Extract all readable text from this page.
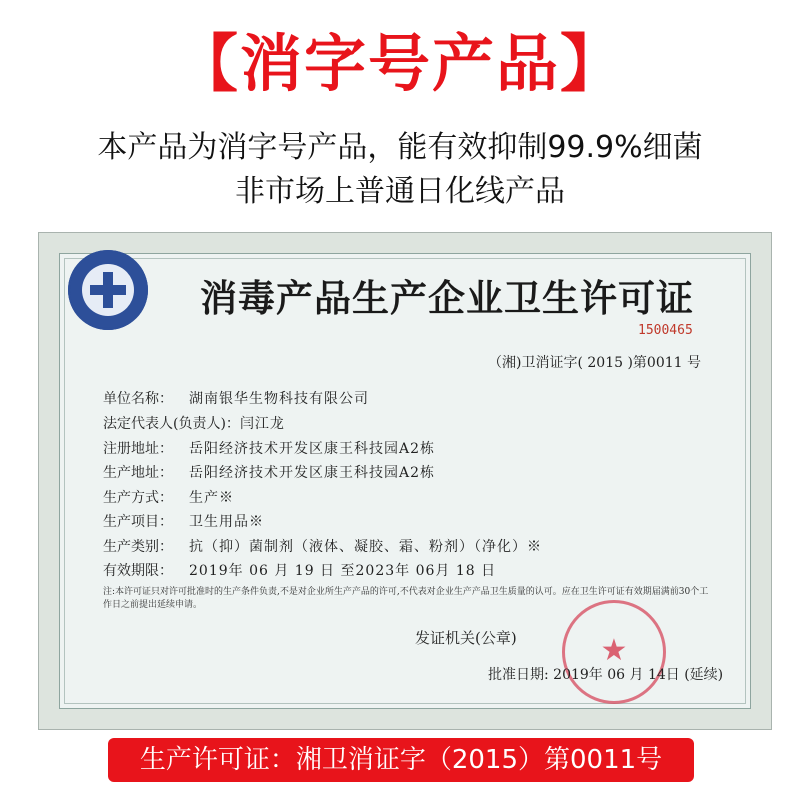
【消字号产品】
本产品为消字号产品，能有效抑制99.9%细菌
非市场上普通日化线产品
消毒产品生产企业卫生许可证
1500465
（湘)卫消证字( 2015 )第0011 号
单位名称： 湖南银华生物科技有限公司
法定代表人(负责人)：闫江龙
注册地址： 岳阳经济技术开发区康王科技园A2栋
生产地址： 岳阳经济技术开发区康王科技园A2栋
生产方式： 生产※
生产项目： 卫生用品※
生产类别： 抗（抑）菌制剂（液体、凝胶、霜、粉剂）（净化）※
有效期限： 2019年 06 月 19 日 至2023年 06月 18 日
注:本许可证只对许可批准时的生产条件负责,不是对企业所生产产品的许可,不代表对企业生产产品卫生质量的认可。应在卫生许可证有效期届满前30个工作日之前提出延续申请。
发证机关(公章)	★
批准日期: 2019年 06 月 14日 (延续)
生产许可证：湘卫消证字（2015）第0011号
